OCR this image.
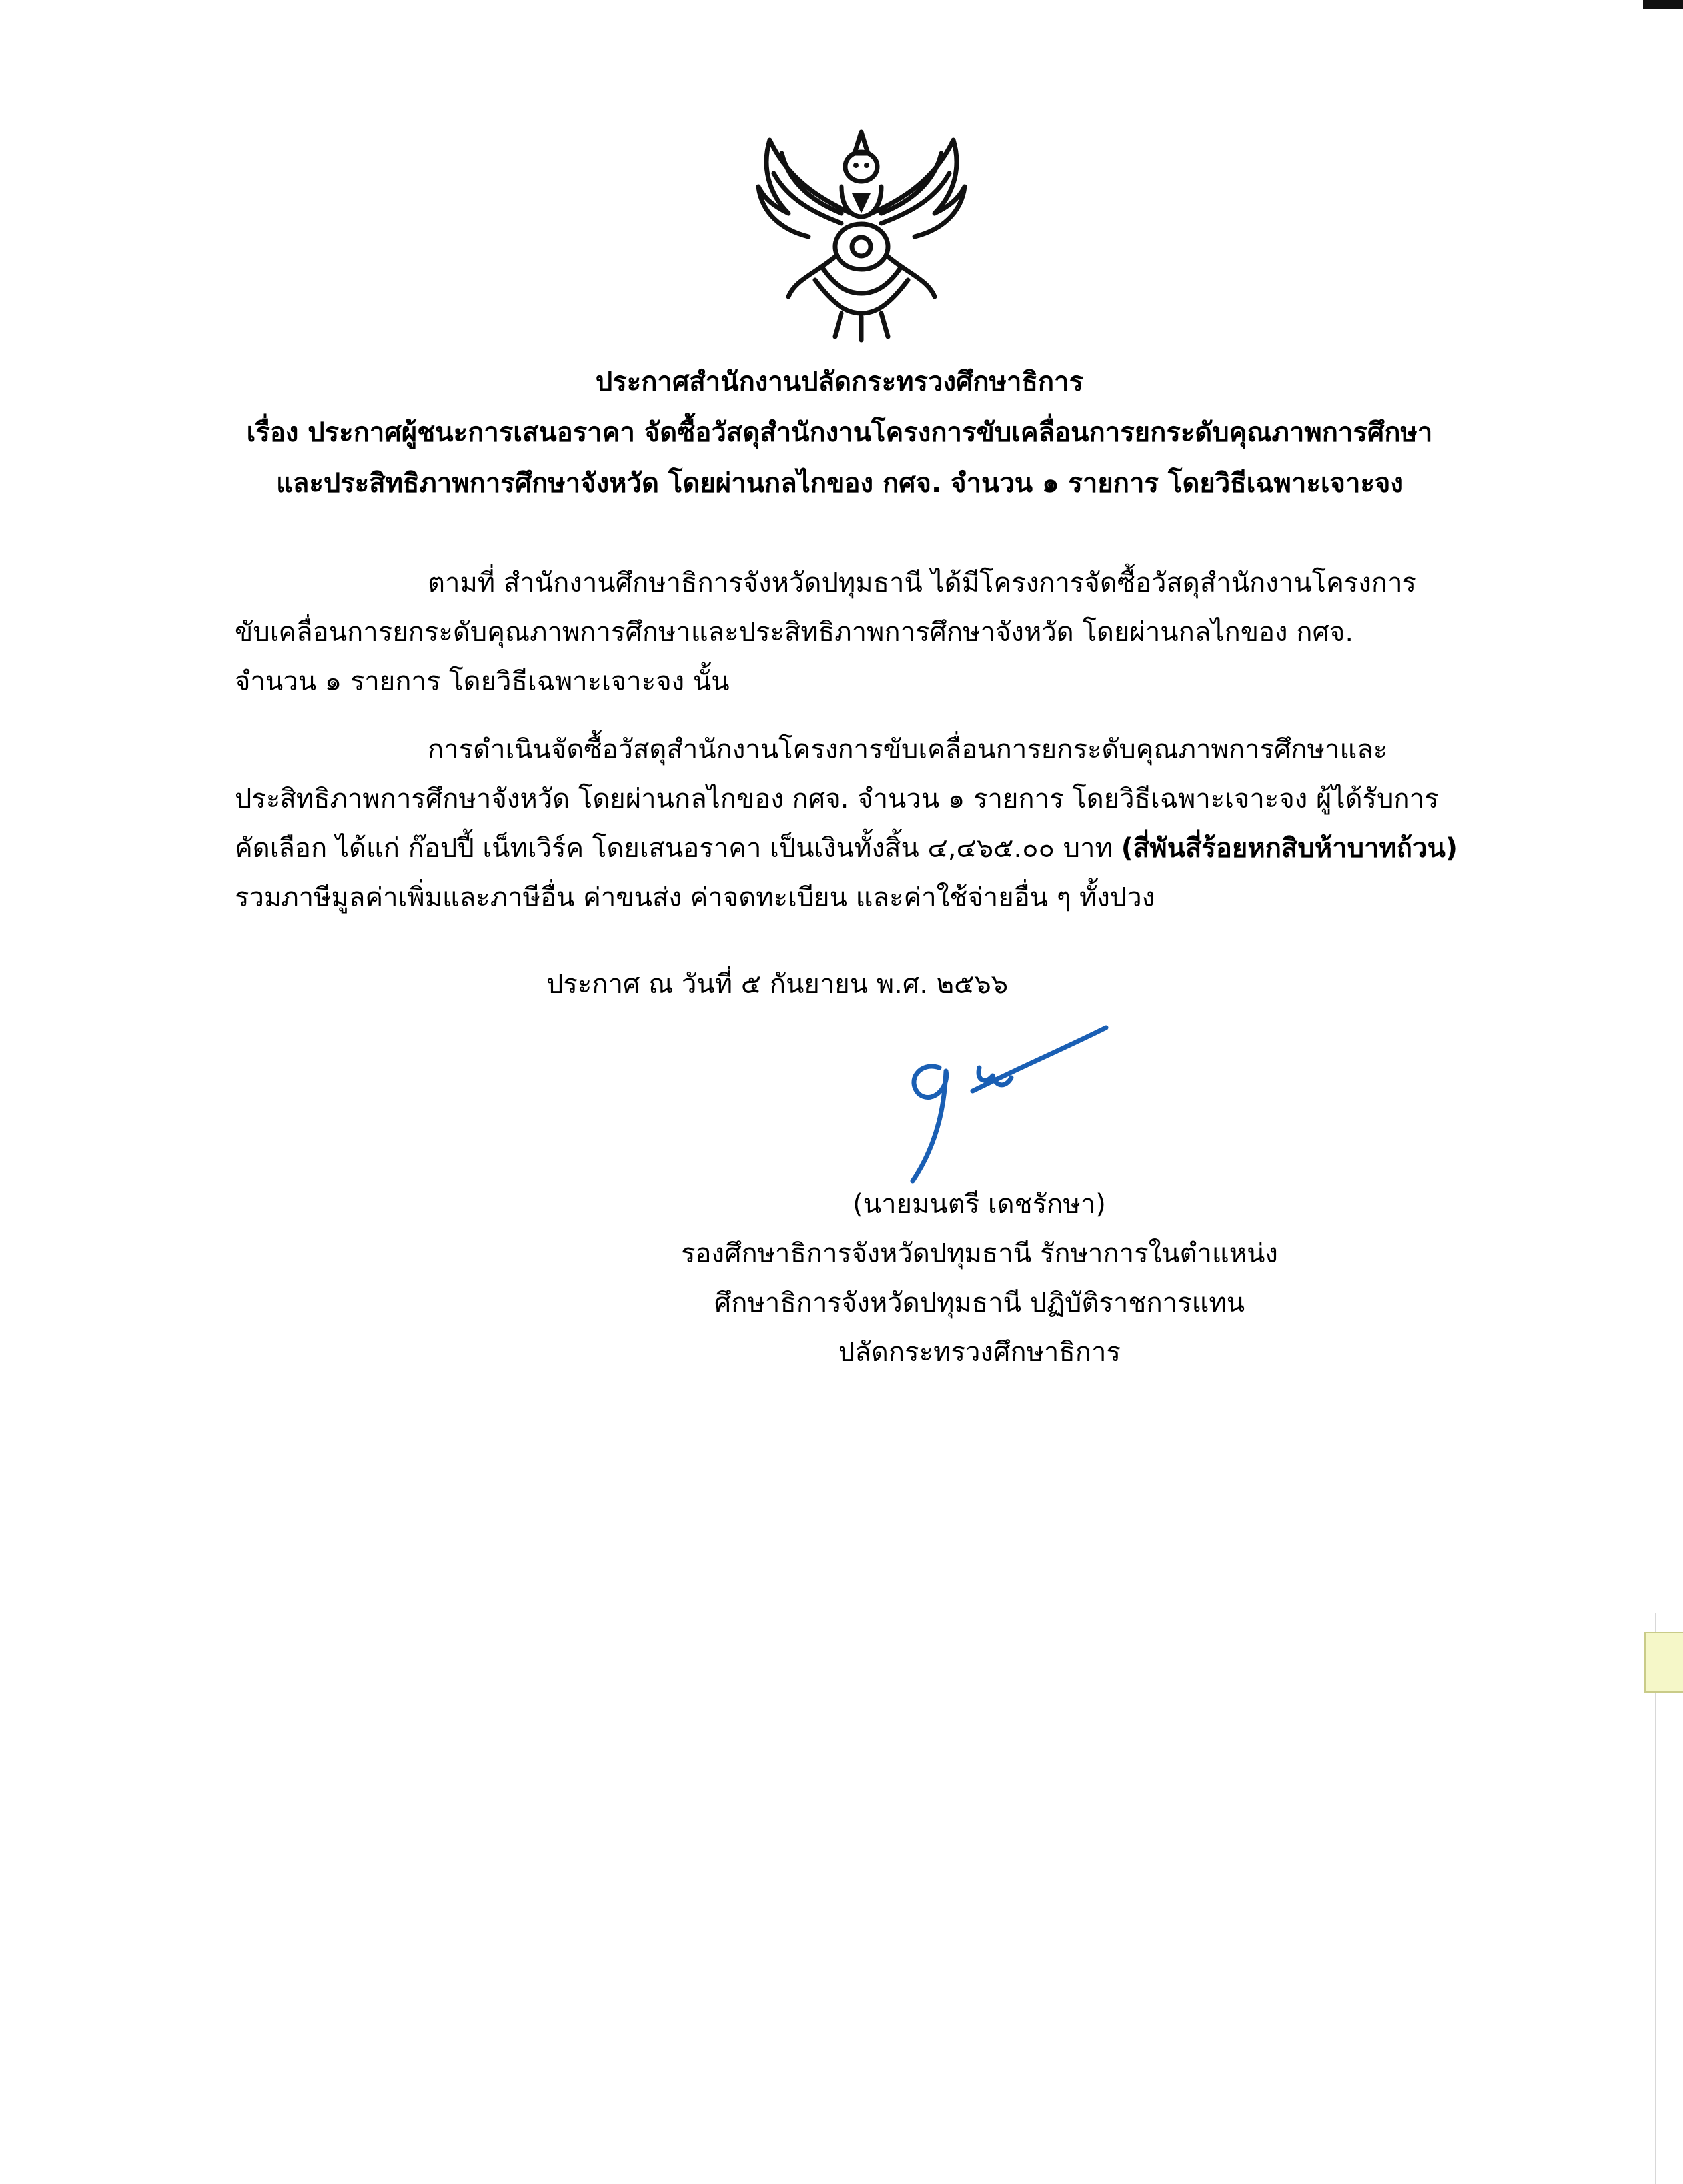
ประกาศสำนักงานปลัดกระทรวงศึกษาธิการ
เรื่อง ประกาศผู้ชนะการเสนอราคา จัดซื้อวัสดุสำนักงานโครงการขับเคลื่อนการยกระดับคุณภาพการศึกษา
และประสิทธิภาพการศึกษาจังหวัด โดยผ่านกลไกของ กศจ. จำนวน ๑ รายการ โดยวิธีเฉพาะเจาะจง
ตามที่ สำนักงานศึกษาธิการจังหวัดปทุมธานี ได้มีโครงการจัดซื้อวัสดุสำนักงานโครงการ
ขับเคลื่อนการยกระดับคุณภาพการศึกษาและประสิทธิภาพการศึกษาจังหวัด โดยผ่านกลไกของ กศจ.
จำนวน ๑ รายการ โดยวิธีเฉพาะเจาะจง นั้น
การดำเนินจัดซื้อวัสดุสำนักงานโครงการขับเคลื่อนการยกระดับคุณภาพการศึกษาและ
ประสิทธิภาพการศึกษาจังหวัด โดยผ่านกลไกของ กศจ. จำนวน ๑ รายการ โดยวิธีเฉพาะเจาะจง ผู้ได้รับการ
คัดเลือก ได้แก่ ก๊อปปี้ เน็ทเวิร์ค โดยเสนอราคา เป็นเงินทั้งสิ้น ๔,๔๖๕.๐๐ บาท (สี่พันสี่ร้อยหกสิบห้าบาทถ้วน)
รวมภาษีมูลค่าเพิ่มและภาษีอื่น ค่าขนส่ง ค่าจดทะเบียน และค่าใช้จ่ายอื่น ๆ ทั้งปวง
ประกาศ ณ วันที่ ๕ กันยายน พ.ศ. ๒๕๖๖
(นายมนตรี เดชรักษา)
รองศึกษาธิการจังหวัดปทุมธานี รักษาการในตำแหน่ง
ศึกษาธิการจังหวัดปทุมธานี ปฏิบัติราชการแทน
ปลัดกระทรวงศึกษาธิการ
